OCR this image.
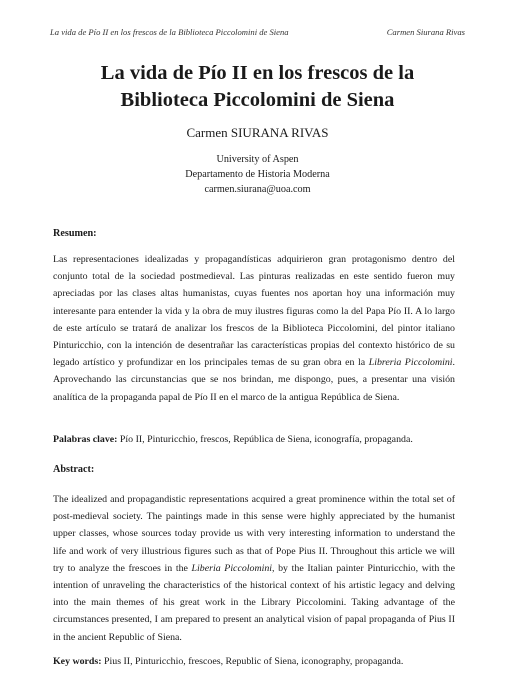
La vida de Pío II en los frescos de la Biblioteca Piccolomini de Siena	Carmen Siurana Rivas
La vida de Pío II en los frescos de la
Biblioteca Piccolomini de Siena
Carmen SIURANA RIVAS
University of Aspen
Departamento de Historia Moderna
carmen.siurana@uoa.com
Resumen:
Las representaciones idealizadas y propagandísticas adquirieron gran protagonismo dentro del conjunto total de la sociedad postmedieval. Las pinturas realizadas en este sentido fueron muy apreciadas por las clases altas humanistas, cuyas fuentes nos aportan hoy una información muy interesante para entender la vida y la obra de muy ilustres figuras como la del Papa Pío II. A lo largo de este artículo se tratará de analizar los frescos de la Biblioteca Piccolomini, del pintor italiano Pinturicchio, con la intención de desentrañar las características propias del contexto histórico de su legado artístico y profundizar en los principales temas de su gran obra en la Libreria Piccolomini. Aprovechando las circunstancias que se nos brindan, me dispongo, pues, a presentar una visión analítica de la propaganda papal de Pío II en el marco de la antigua República de Siena.
Palabras clave: Pío II, Pinturicchio, frescos, República de Siena, iconografía, propaganda.
Abstract:
The idealized and propagandistic representations acquired a great prominence within the total set of post-medieval society. The paintings made in this sense were highly appreciated by the humanist upper classes, whose sources today provide us with very interesting information to understand the life and work of very illustrious figures such as that of Pope Pius II. Throughout this article we will try to analyze the frescoes in the Liberia Piccolomini, by the Italian painter Pinturicchio, with the intention of unraveling the characteristics of the historical context of his artistic legacy and delving into the main themes of his great work in the Library Piccolomini. Taking advantage of the circumstances presented, I am prepared to present an analytical vision of papal propaganda of Pius II in the ancient Republic of Siena.
Key words: Pius II, Pinturicchio, frescoes, Republic of Siena, iconography, propaganda.
